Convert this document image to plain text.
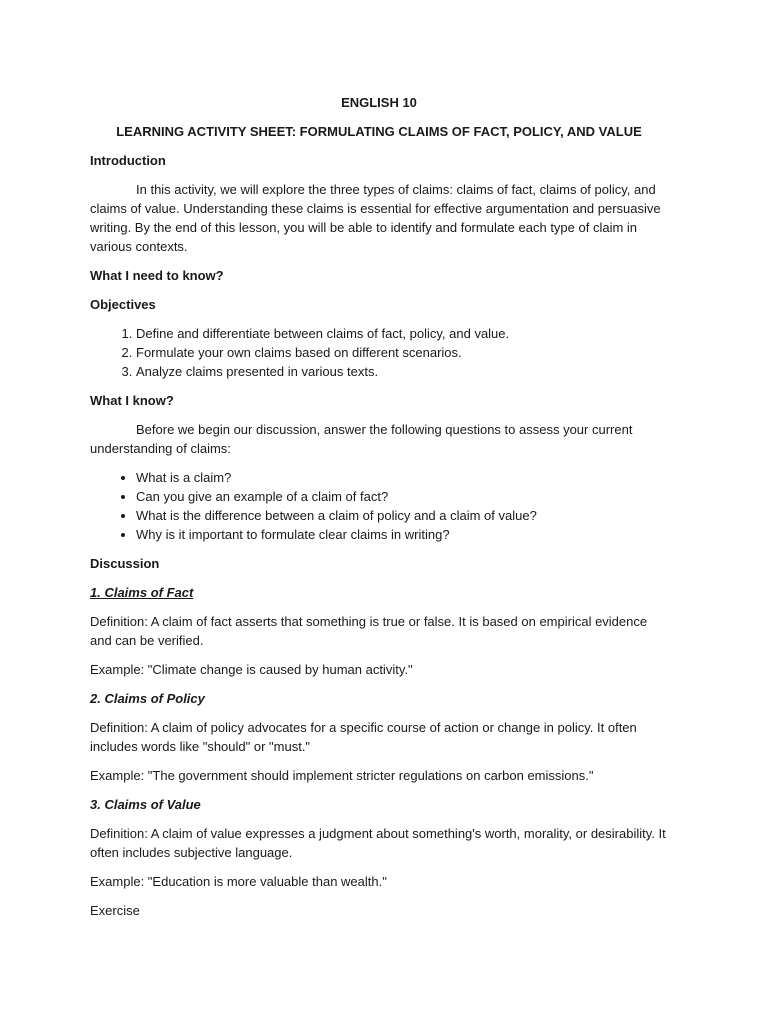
ENGLISH 10
LEARNING ACTIVITY SHEET: FORMULATING CLAIMS OF FACT, POLICY, AND VALUE
Introduction

In this activity, we will explore the three types of claims: claims of fact, claims of policy, and claims of value. Understanding these claims is essential for effective argumentation and persuasive writing. By the end of this lesson, you will be able to identify and formulate each type of claim in various contexts.

What I need to know?
Objectives
1. Define and differentiate between claims of fact, policy, and value.
2. Formulate your own claims based on different scenarios.
3. Analyze claims presented in various texts.
What I know?

Before we begin our discussion, answer the following questions to assess your current understanding of claims:

• What is a claim?
• Can you give an example of a claim of fact?
• What is the difference between a claim of policy and a claim of value?
• Why is it important to formulate clear claims in writing?
Discussion
1. Claims of Fact

Definition: A claim of fact asserts that something is true or false. It is based on empirical evidence and can be verified.

Example: "Climate change is caused by human activity."

2. Claims of Policy

Definition: A claim of policy advocates for a specific course of action or change in policy. It often includes words like "should" or "must."

Example: "The government should implement stricter regulations on carbon emissions."

3. Claims of Value

Definition: A claim of value expresses a judgment about something's worth, morality, or desirability. It often includes subjective language.

Example: "Education is more valuable than wealth."

Exercise
